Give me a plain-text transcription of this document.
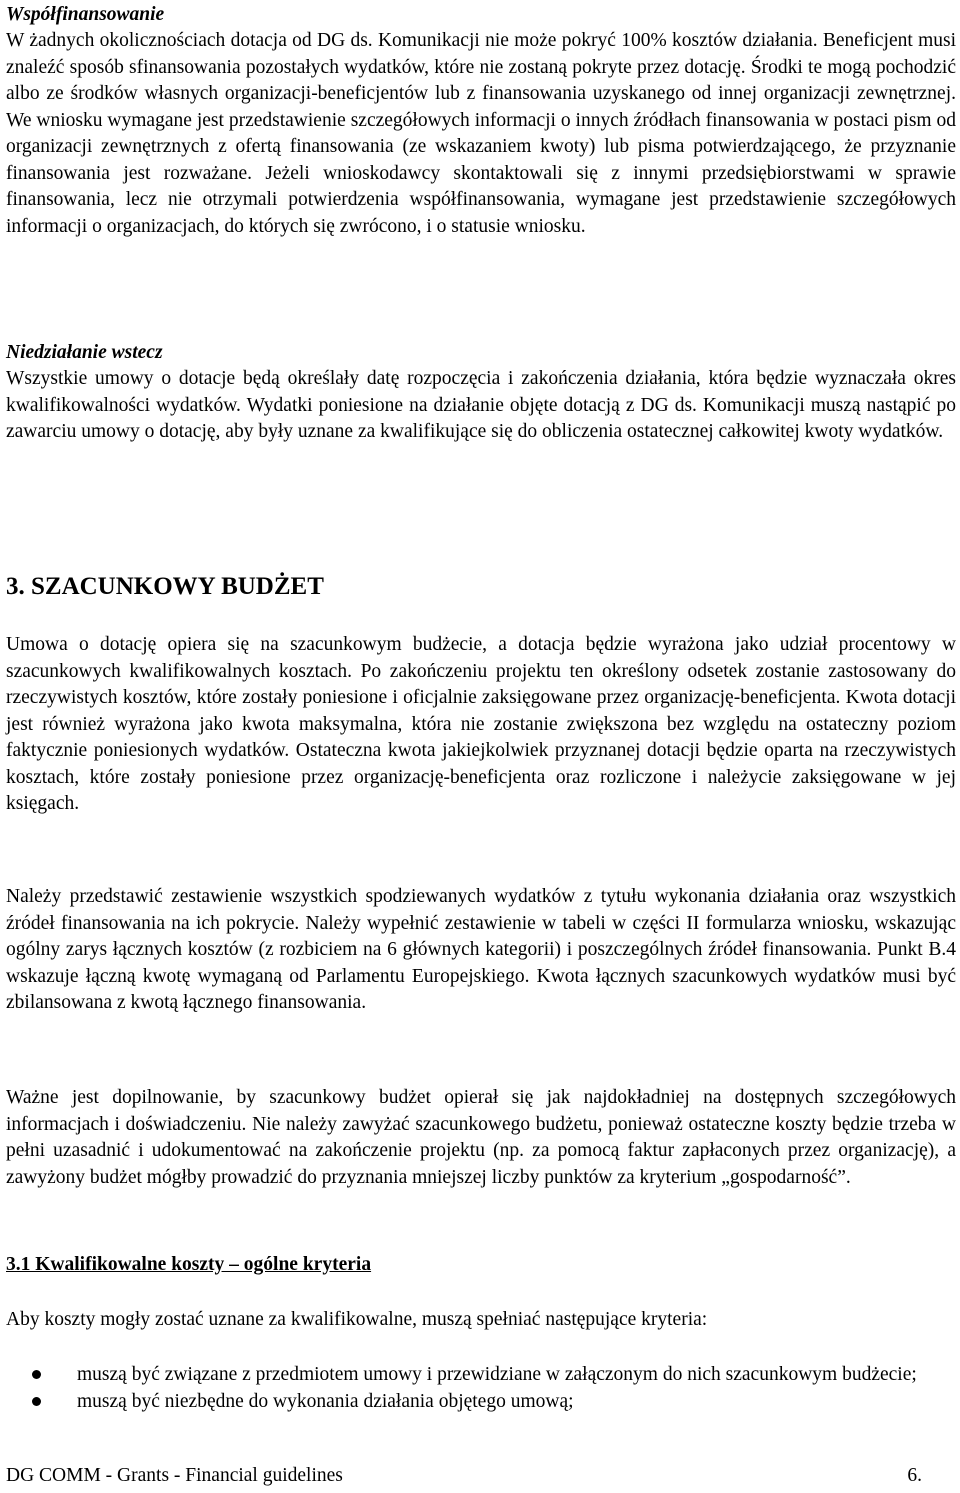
Współfinansowanie

W żadnych okolicznościach dotacja od DG ds. Komunikacji nie może pokryć 100% kosztów działania. Beneficjent musi znaleźć sposób sfinansowania pozostałych wydatków, które nie zostaną pokryte przez dotację. Środki te mogą pochodzić albo ze środków własnych organizacji-beneficjentów lub z finansowania uzyskanego od innej organizacji zewnętrznej. We wniosku wymagane jest przedstawienie szczegółowych informacji o innych źródłach finansowania w postaci pism od organizacji zewnętrznych z ofertą finansowania (ze wskazaniem kwoty) lub pisma potwierdzającego, że przyznanie finansowania jest rozważane. Jeżeli wnioskodawcy skontaktowali się z innymi przedsiębiorstwami w sprawie finansowania, lecz nie otrzymali potwierdzenia współfinansowania, wymagane jest przedstawienie szczegółowych informacji o organizacjach, do których się zwrócono, i o statusie wniosku.

Niedziałanie wstecz

Wszystkie umowy o dotacje będą określały datę rozpoczęcia i zakończenia działania, która będzie wyznaczała okres kwalifikowalności wydatków. Wydatki poniesione na działanie objęte dotacją z DG ds. Komunikacji muszą nastąpić po zawarciu umowy o dotację, aby były uznane za kwalifikujące się do obliczenia ostatecznej całkowitej kwoty wydatków.

3. SZACUNKOWY BUDŻET

Umowa o dotację opiera się na szacunkowym budżecie, a dotacja będzie wyrażona jako udział procentowy w szacunkowych kwalifikowalnych kosztach. Po zakończeniu projektu ten określony odsetek zostanie zastosowany do rzeczywistych kosztów, które zostały poniesione i oficjalnie zaksięgowane przez organizację-beneficjenta. Kwota dotacji jest również wyrażona jako kwota maksymalna, która nie zostanie zwiększona bez względu na ostateczny poziom faktycznie poniesionych wydatków. Ostateczna kwota jakiejkolwiek przyznanej dotacji będzie oparta na rzeczywistych kosztach, które zostały poniesione przez organizację-beneficjenta oraz rozliczone i należycie zaksięgowane w jej księgach.

Należy przedstawić zestawienie wszystkich spodziewanych wydatków z tytułu wykonania działania oraz wszystkich źródeł finansowania na ich pokrycie. Należy wypełnić zestawienie w tabeli w części II formularza wniosku, wskazując ogólny zarys łącznych kosztów (z rozbiciem na 6 głównych kategorii) i poszczególnych źródeł finansowania. Punkt B.4 wskazuje łączną kwotę wymaganą od Parlamentu Europejskiego. Kwota łącznych szacunkowych wydatków musi być zbilansowana z kwotą łącznego finansowania.

Ważne jest dopilnowanie, by szacunkowy budżet opierał się jak najdokładniej na dostępnych szczegółowych informacjach i doświadczeniu. Nie należy zawyżać szacunkowego budżetu, ponieważ ostateczne koszty będzie trzeba w pełni uzasadnić i udokumentować na zakończenie projektu (np. za pomocą faktur zapłaconych przez organizację), a zawyżony budżet mógłby prowadzić do przyznania mniejszej liczby punktów za kryterium „gospodarność”.

3.1 Kwalifikowalne koszty – ogólne kryteria

Aby koszty mogły zostać uznane za kwalifikowalne, muszą spełniać następujące kryteria:

muszą być związane z przedmiotem umowy i przewidziane w załączonym do nich szacunkowym budżecie;
muszą być niezbędne do wykonania działania objętego umową;
DG COMM - Grants - Financial guidelines	6.
